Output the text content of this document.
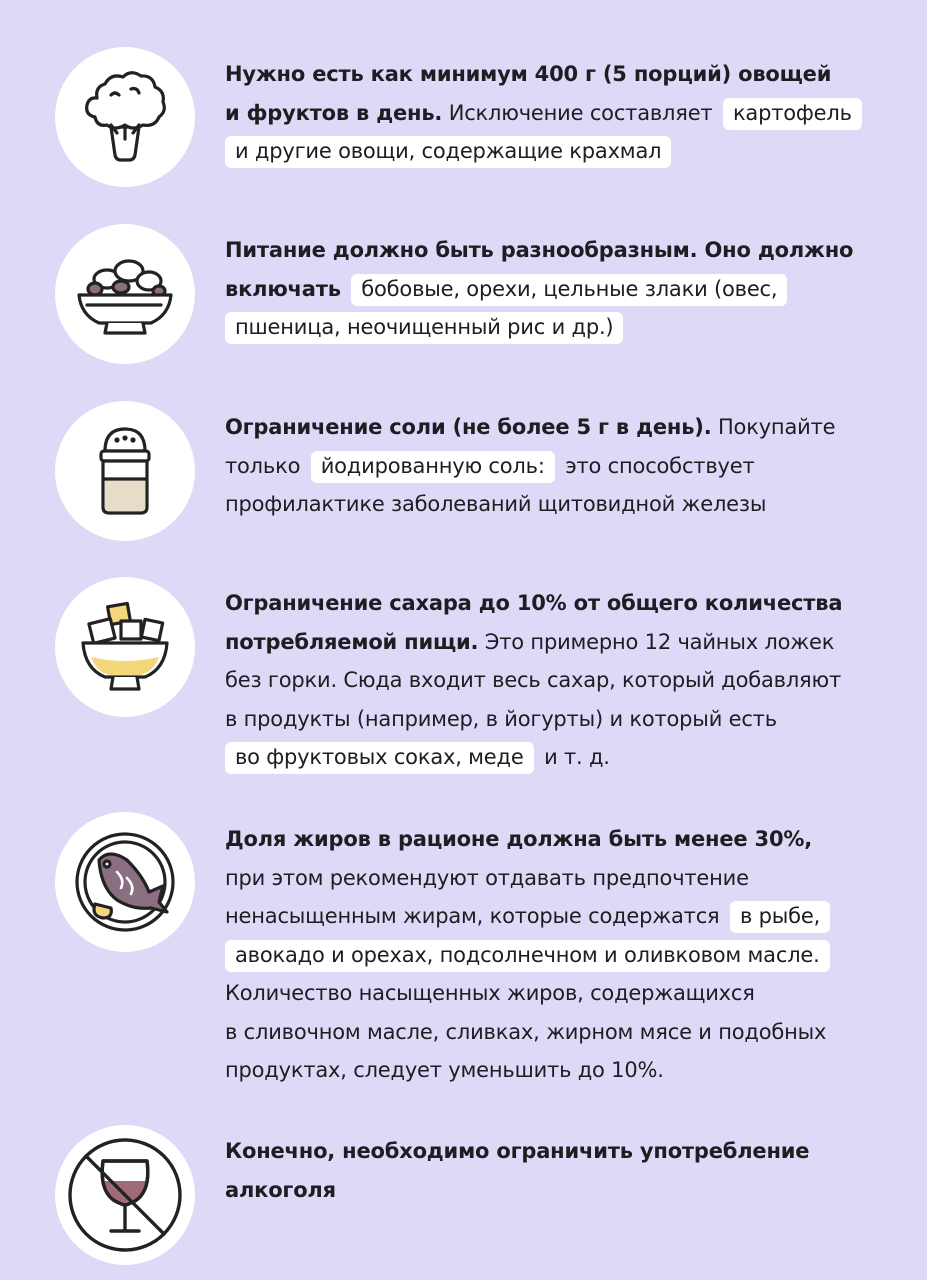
Нужно есть как минимум 400 г (5 порций) овощей
и фруктов в день. Исключение составляет картофель
и другие овощи, содержащие крахмал
Питание должно быть разнообразным. Оно должно
включать бобовые, орехи, цельные злаки (овес,
пшеница, неочищенный рис и др.)
Ограничение соли (не более 5 г в день). Покупайте
только йодированную соль: это способствует
профилактике заболеваний щитовидной железы
Ограничение сахара до 10% от общего количества
потребляемой пищи. Это примерно 12 чайных ложек
без горки. Сюда входит весь сахар, который добавляют
в продукты (например, в йогурты) и который есть
во фруктовых соках, меде и т. д.
Доля жиров в рационе должна быть менее 30%,
при этом рекомендуют отдавать предпочтение
ненасыщенным жирам, которые содержатся в рыбе,
авокадо и орехах, подсолнечном и оливковом масле.
Количество насыщенных жиров, содержащихся
в сливочном масле, сливках, жирном мясе и подобных
продуктах, следует уменьшить до 10%.
Конечно, необходимо ограничить употребление
алкоголя
